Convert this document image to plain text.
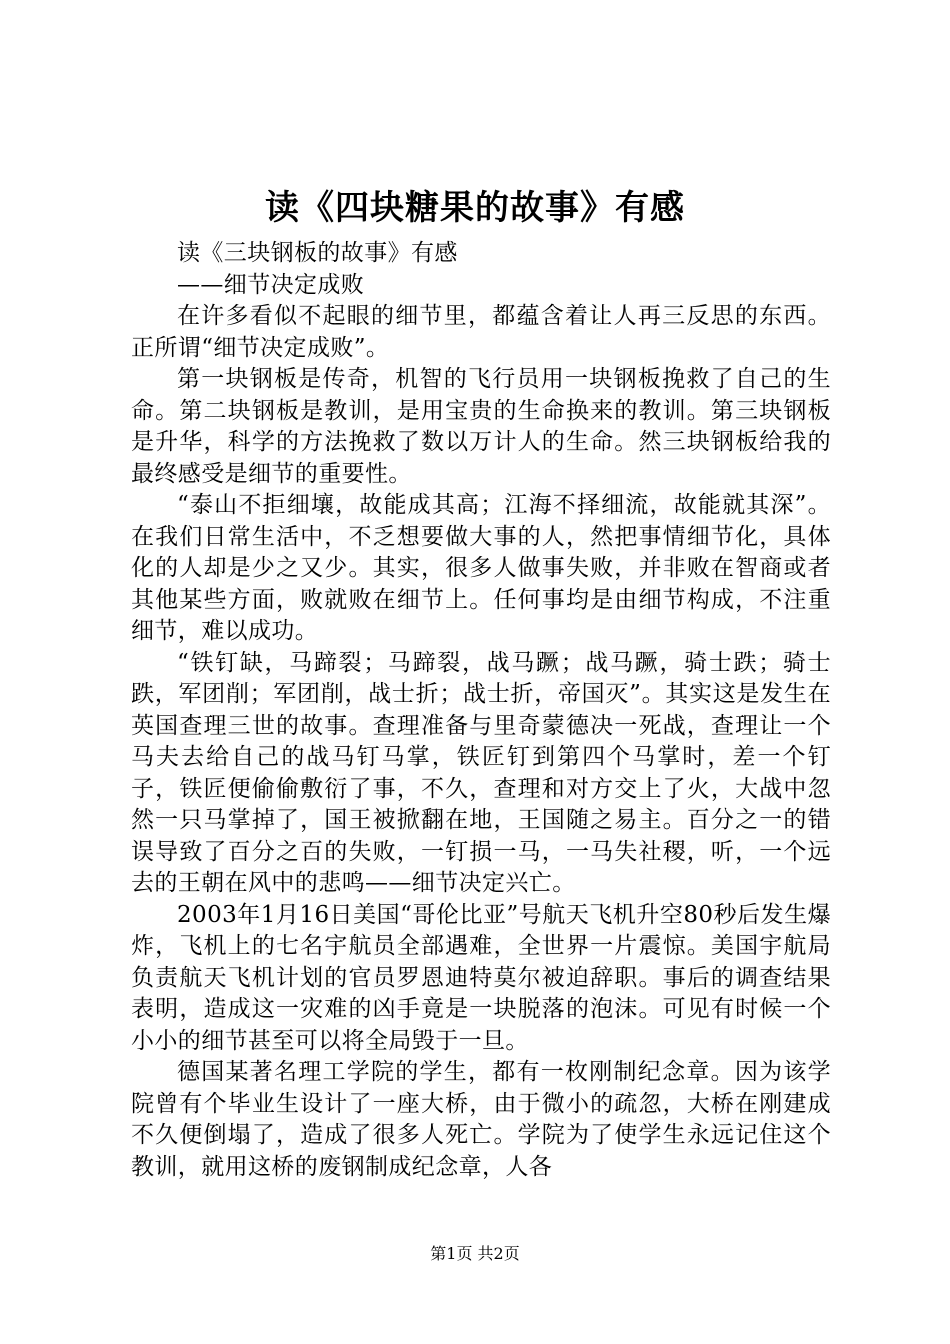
读《四块糖果的故事》有感

读《三块钢板的故事》有感

——细节决定成败

在许多看似不起眼的细节里，都蕴含着让人再三反思的东西。正所谓“细节决定成败”。

第一块钢板是传奇，机智的飞行员用一块钢板挽救了自己的生命。第二块钢板是教训，是用宝贵的生命换来的教训。第三块钢板是升华，科学的方法挽救了数以万计人的生命。然三块钢板给我的最终感受是细节的重要性。

“泰山不拒细壤，故能成其高；江海不择细流，故能就其深”。在我们日常生活中，不乏想要做大事的人，然把事情细节化，具体化的人却是少之又少。其实，很多人做事失败，并非败在智商或者其他某些方面，败就败在细节上。任何事均是由细节构成，不注重细节，难以成功。

“铁钉缺，马蹄裂；马蹄裂，战马蹶；战马蹶，骑士跌；骑士跌，军团削；军团削，战士折；战士折，帝国灭”。其实这是发生在英国查理三世的故事。查理准备与里奇蒙德决一死战，查理让一个马夫去给自己的战马钉马掌，铁匠钉到第四个马掌时，差一个钉子，铁匠便偷偷敷衍了事，不久，查理和对方交上了火，大战中忽然一只马掌掉了，国王被掀翻在地，王国随之易主。百分之一的错误导致了百分之百的失败，一钉损一马，一马失社稷，听，一个远去的王朝在风中的悲鸣——细节决定兴亡。

2003年1月16日美国“哥伦比亚”号航天飞机升空80秒后发生爆炸，飞机上的七名宇航员全部遇难，全世界一片震惊。美国宇航局负责航天飞机计划的官员罗恩迪特莫尔被迫辞职。事后的调查结果表明，造成这一灾难的凶手竟是一块脱落的泡沫。可见有时候一个小小的细节甚至可以将全局毁于一旦。

德国某著名理工学院的学生，都有一枚刚制纪念章。因为该学院曾有个毕业生设计了一座大桥，由于微小的疏忽，大桥在刚建成不久便倒塌了，造成了很多人死亡。学院为了使学生永远记住这个教训，就用这桥的废钢制成纪念章，人各

第1页 共2页
